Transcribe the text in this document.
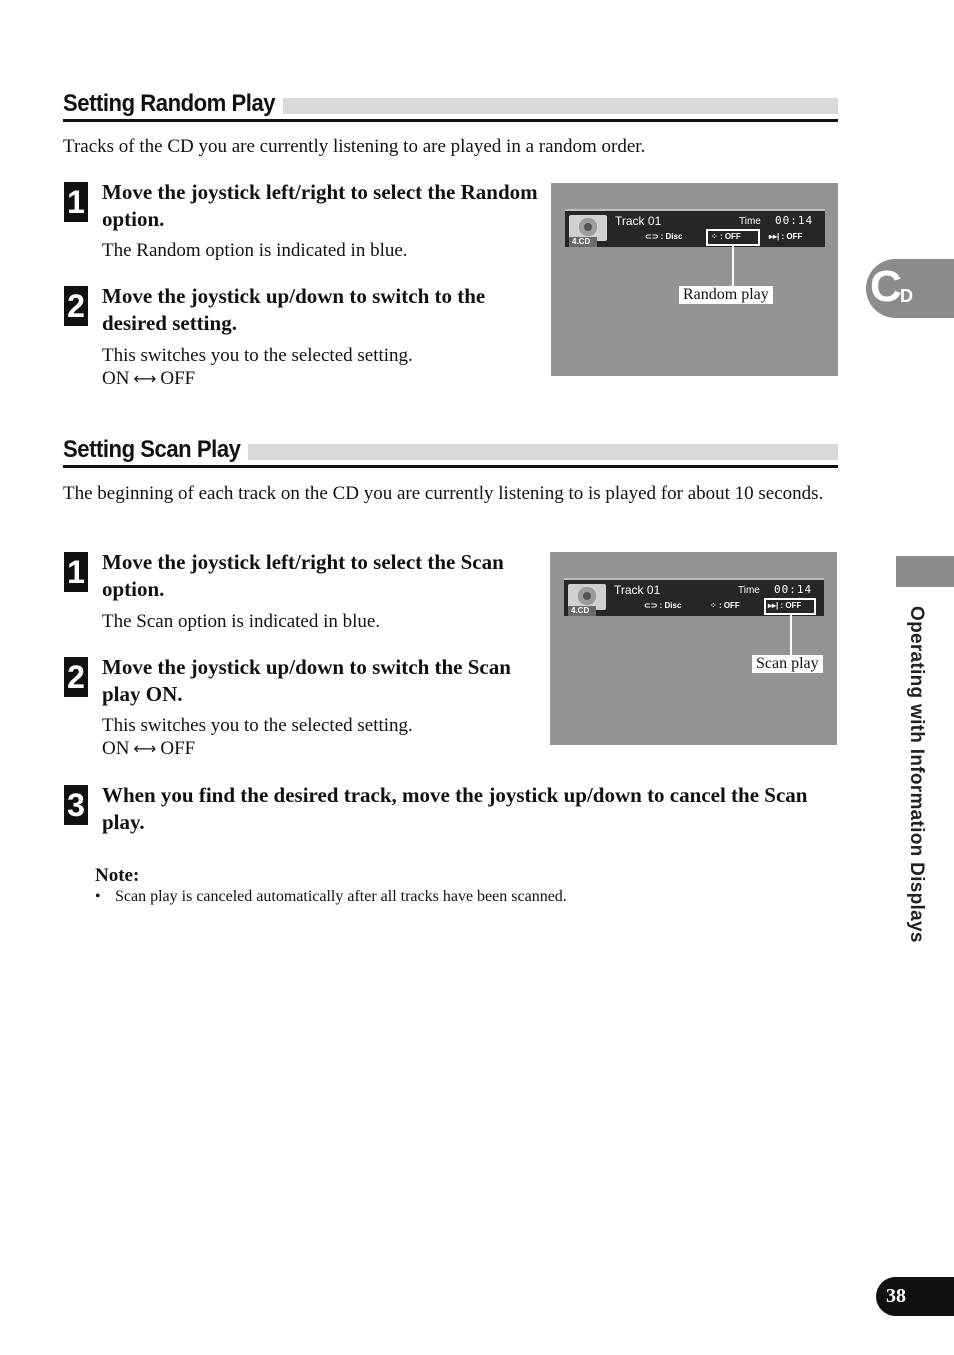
Setting Random Play
Tracks of the CD you are currently listening to are played in a random order.
1 Move the joystick left/right to select the Random option.
The Random option is indicated in blue.
2 Move the joystick up/down to switch to the desired setting.
This switches you to the selected setting.
ON ⟷ OFF
4.CD
Track 01	Time 00:14
⊂⊃ : Disc	⁘ : OFF	▸▸| : OFF
Random play
Setting Scan Play
The beginning of each track on the CD you are currently listening to is played for about 10 seconds.
1 Move the joystick left/right to select the Scan option.
The Scan option is indicated in blue.
2 Move the joystick up/down to switch the Scan play ON.
This switches you to the selected setting.
ON ⟷ OFF
4.CD
Track 01	Time 00:14
⊂⊃ : Disc	⁘ : OFF	▸▸| : OFF
Scan play
3 When you find the desired track, move the joystick up/down to cancel the Scan play.
Note:
• Scan play is canceled automatically after all tracks have been scanned.
C
D
Operating with Information Displays
38
